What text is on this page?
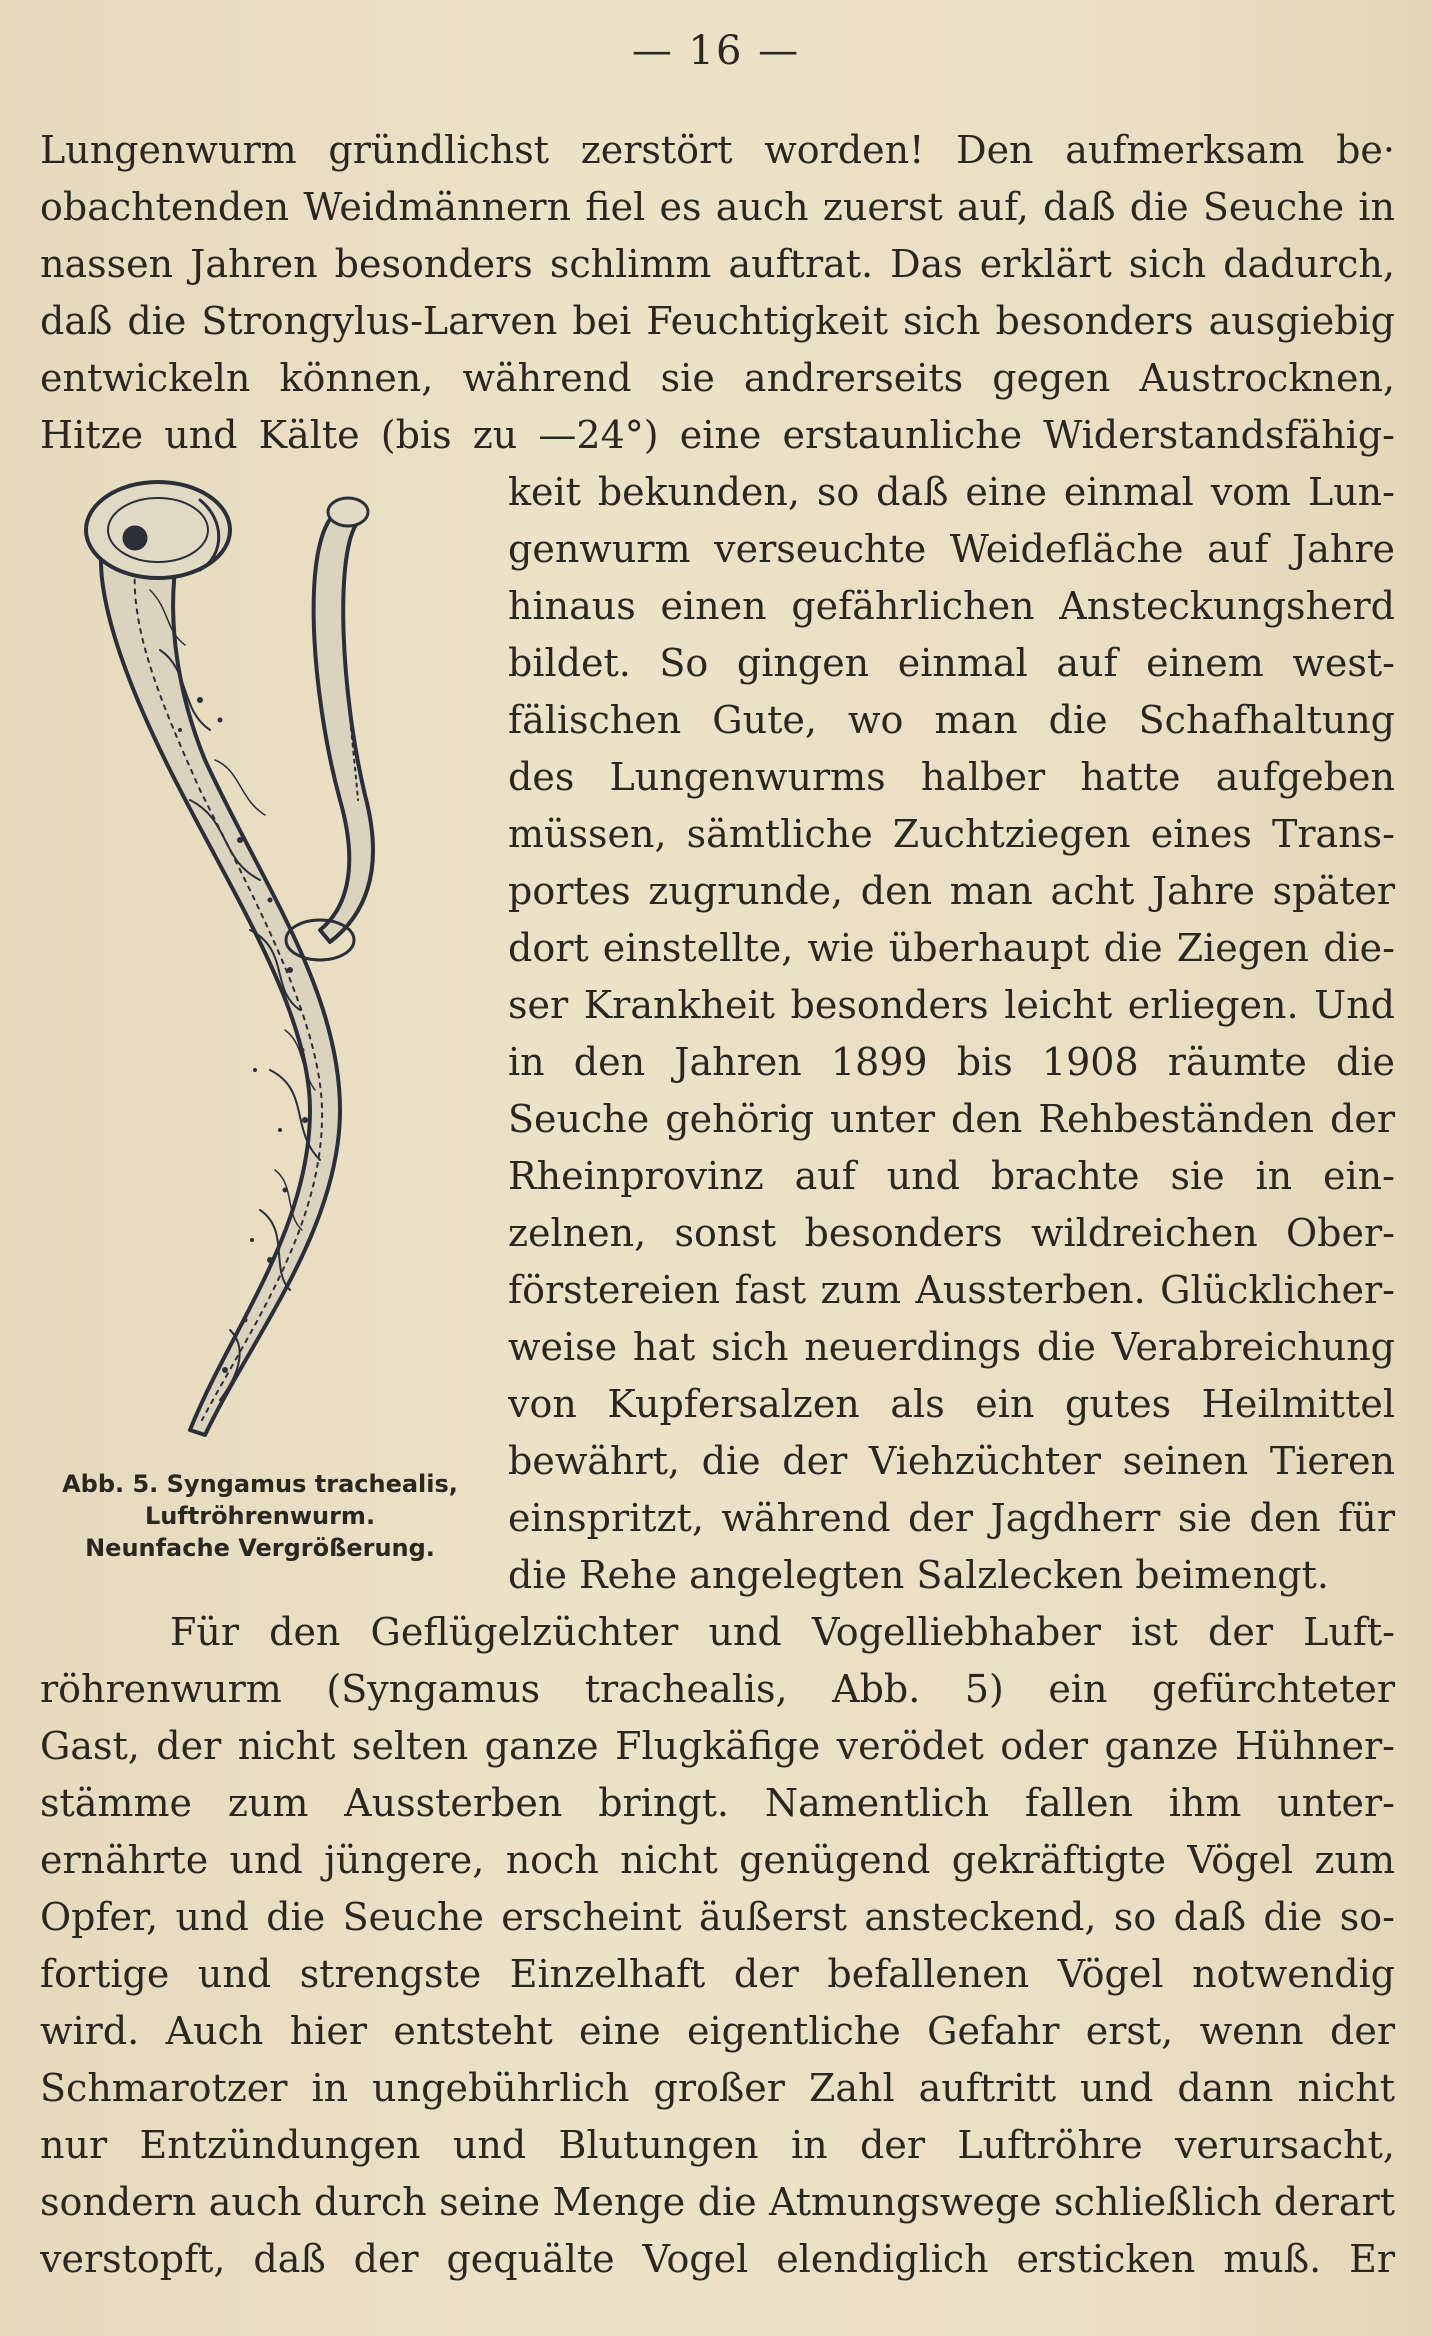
— 16 —
Lungenwurm gründlichst zerstört worden! Den aufmerksam be·
obachtenden Weidmännern fiel es auch zuerst auf, daß die Seuche in
nassen Jahren besonders schlimm auftrat. Das erklärt sich dadurch,
daß die Strongylus-Larven bei Feuchtigkeit sich besonders ausgiebig
entwickeln können, während sie andrerseits gegen Austrocknen,
Hitze und Kälte (bis zu —24°) eine erstaunliche Widerstandsfähig-
Abb. 5. Syngamus trachealis,
Luftröhrenwurm.
Neunfache Vergrößerung.
keit bekunden, so daß eine einmal vom Lun-
genwurm verseuchte Weidefläche auf Jahre
hinaus einen gefährlichen Ansteckungsherd
bildet. So gingen einmal auf einem west-
fälischen Gute, wo man die Schafhaltung
des Lungenwurms halber hatte aufgeben
müssen, sämtliche Zuchtziegen eines Trans-
portes zugrunde, den man acht Jahre später
dort einstellte, wie überhaupt die Ziegen die-
ser Krankheit besonders leicht erliegen. Und
in den Jahren 1899 bis 1908 räumte die
Seuche gehörig unter den Rehbeständen der
Rheinprovinz auf und brachte sie in ein-
zelnen, sonst besonders wildreichen Ober-
förstereien fast zum Aussterben. Glücklicher-
weise hat sich neuerdings die Verabreichung
von Kupfersalzen als ein gutes Heilmittel
bewährt, die der Viehzüchter seinen Tieren
einspritzt, während der Jagdherr sie den für
die Rehe angelegten Salzlecken beimengt.
Für den Geflügelzüchter und Vogelliebhaber ist der Luft-
röhrenwurm (Syngamus trachealis, Abb. 5) ein gefürchteter
Gast, der nicht selten ganze Flugkäfige verödet oder ganze Hühner-
stämme zum Aussterben bringt. Namentlich fallen ihm unter-
ernährte und jüngere, noch nicht genügend gekräftigte Vögel zum
Opfer, und die Seuche erscheint äußerst ansteckend, so daß die so-
fortige und strengste Einzelhaft der befallenen Vögel notwendig
wird. Auch hier entsteht eine eigentliche Gefahr erst, wenn der
Schmarotzer in ungebührlich großer Zahl auftritt und dann nicht
nur Entzündungen und Blutungen in der Luftröhre verursacht,
sondern auch durch seine Menge die Atmungswege schließlich derart
verstopft, daß der gequälte Vogel elendiglich ersticken muß. Er
